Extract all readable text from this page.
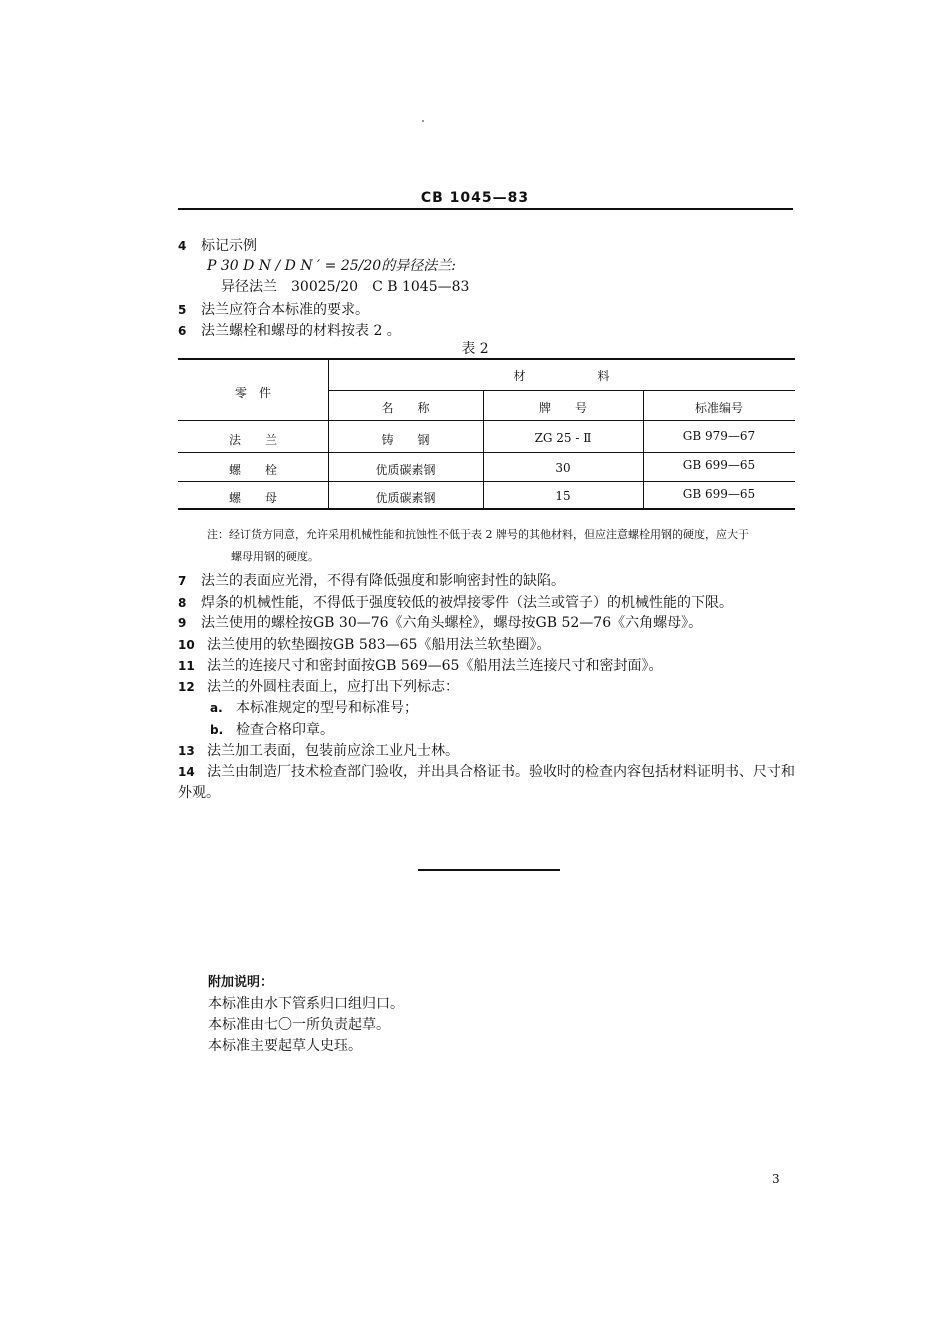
CB 1045—83
4 标记示例
P 30 D N / D N ′ = 25/20的异径法兰:
异径法兰　30025/20　C B 1045—83
5 法兰应符合本标准的要求。
6 法兰螺栓和螺母的材料按表 2 。
表 2
零　件
材　　　　　　料
名　　称	牌　　号	标准编号
法　　兰	铸　　钢	ZG 25 - Ⅱ	GB 979—67
螺　　栓	优质碳素钢	30	GB 699—65
螺　　母	优质碳素钢	15	GB 699—65
注：经订货方同意，允许采用机械性能和抗蚀性不低于表 2 牌号的其他材料，但应注意螺栓用钢的硬度，应大于
螺母用钢的硬度。
7 法兰的表面应光滑，不得有降低强度和影响密封性的缺陷。
8 焊条的机械性能，不得低于强度较低的被焊接零件（法兰或管子）的机械性能的下限。
9 法兰使用的螺栓按GB 30—76《六角头螺栓》，螺母按GB 52—76《六角螺母》。
10 法兰使用的软垫圈按GB 583—65《船用法兰软垫圈》。
11 法兰的连接尺寸和密封面按GB 569—65《船用法兰连接尺寸和密封面》。
12 法兰的外圆柱表面上，应打出下列标志：
a. 本标准规定的型号和标准号；
b. 检查合格印章。
13 法兰加工表面，包装前应涂工业凡士林。
14 法兰由制造厂技术检查部门验收，并出具合格证书。验收时的检查内容包括材料证明书、尺寸和
外观。
附加说明：
本标准由水下管系归口组归口。
本标准由七〇一所负责起草。
本标准主要起草人史珏。
3
